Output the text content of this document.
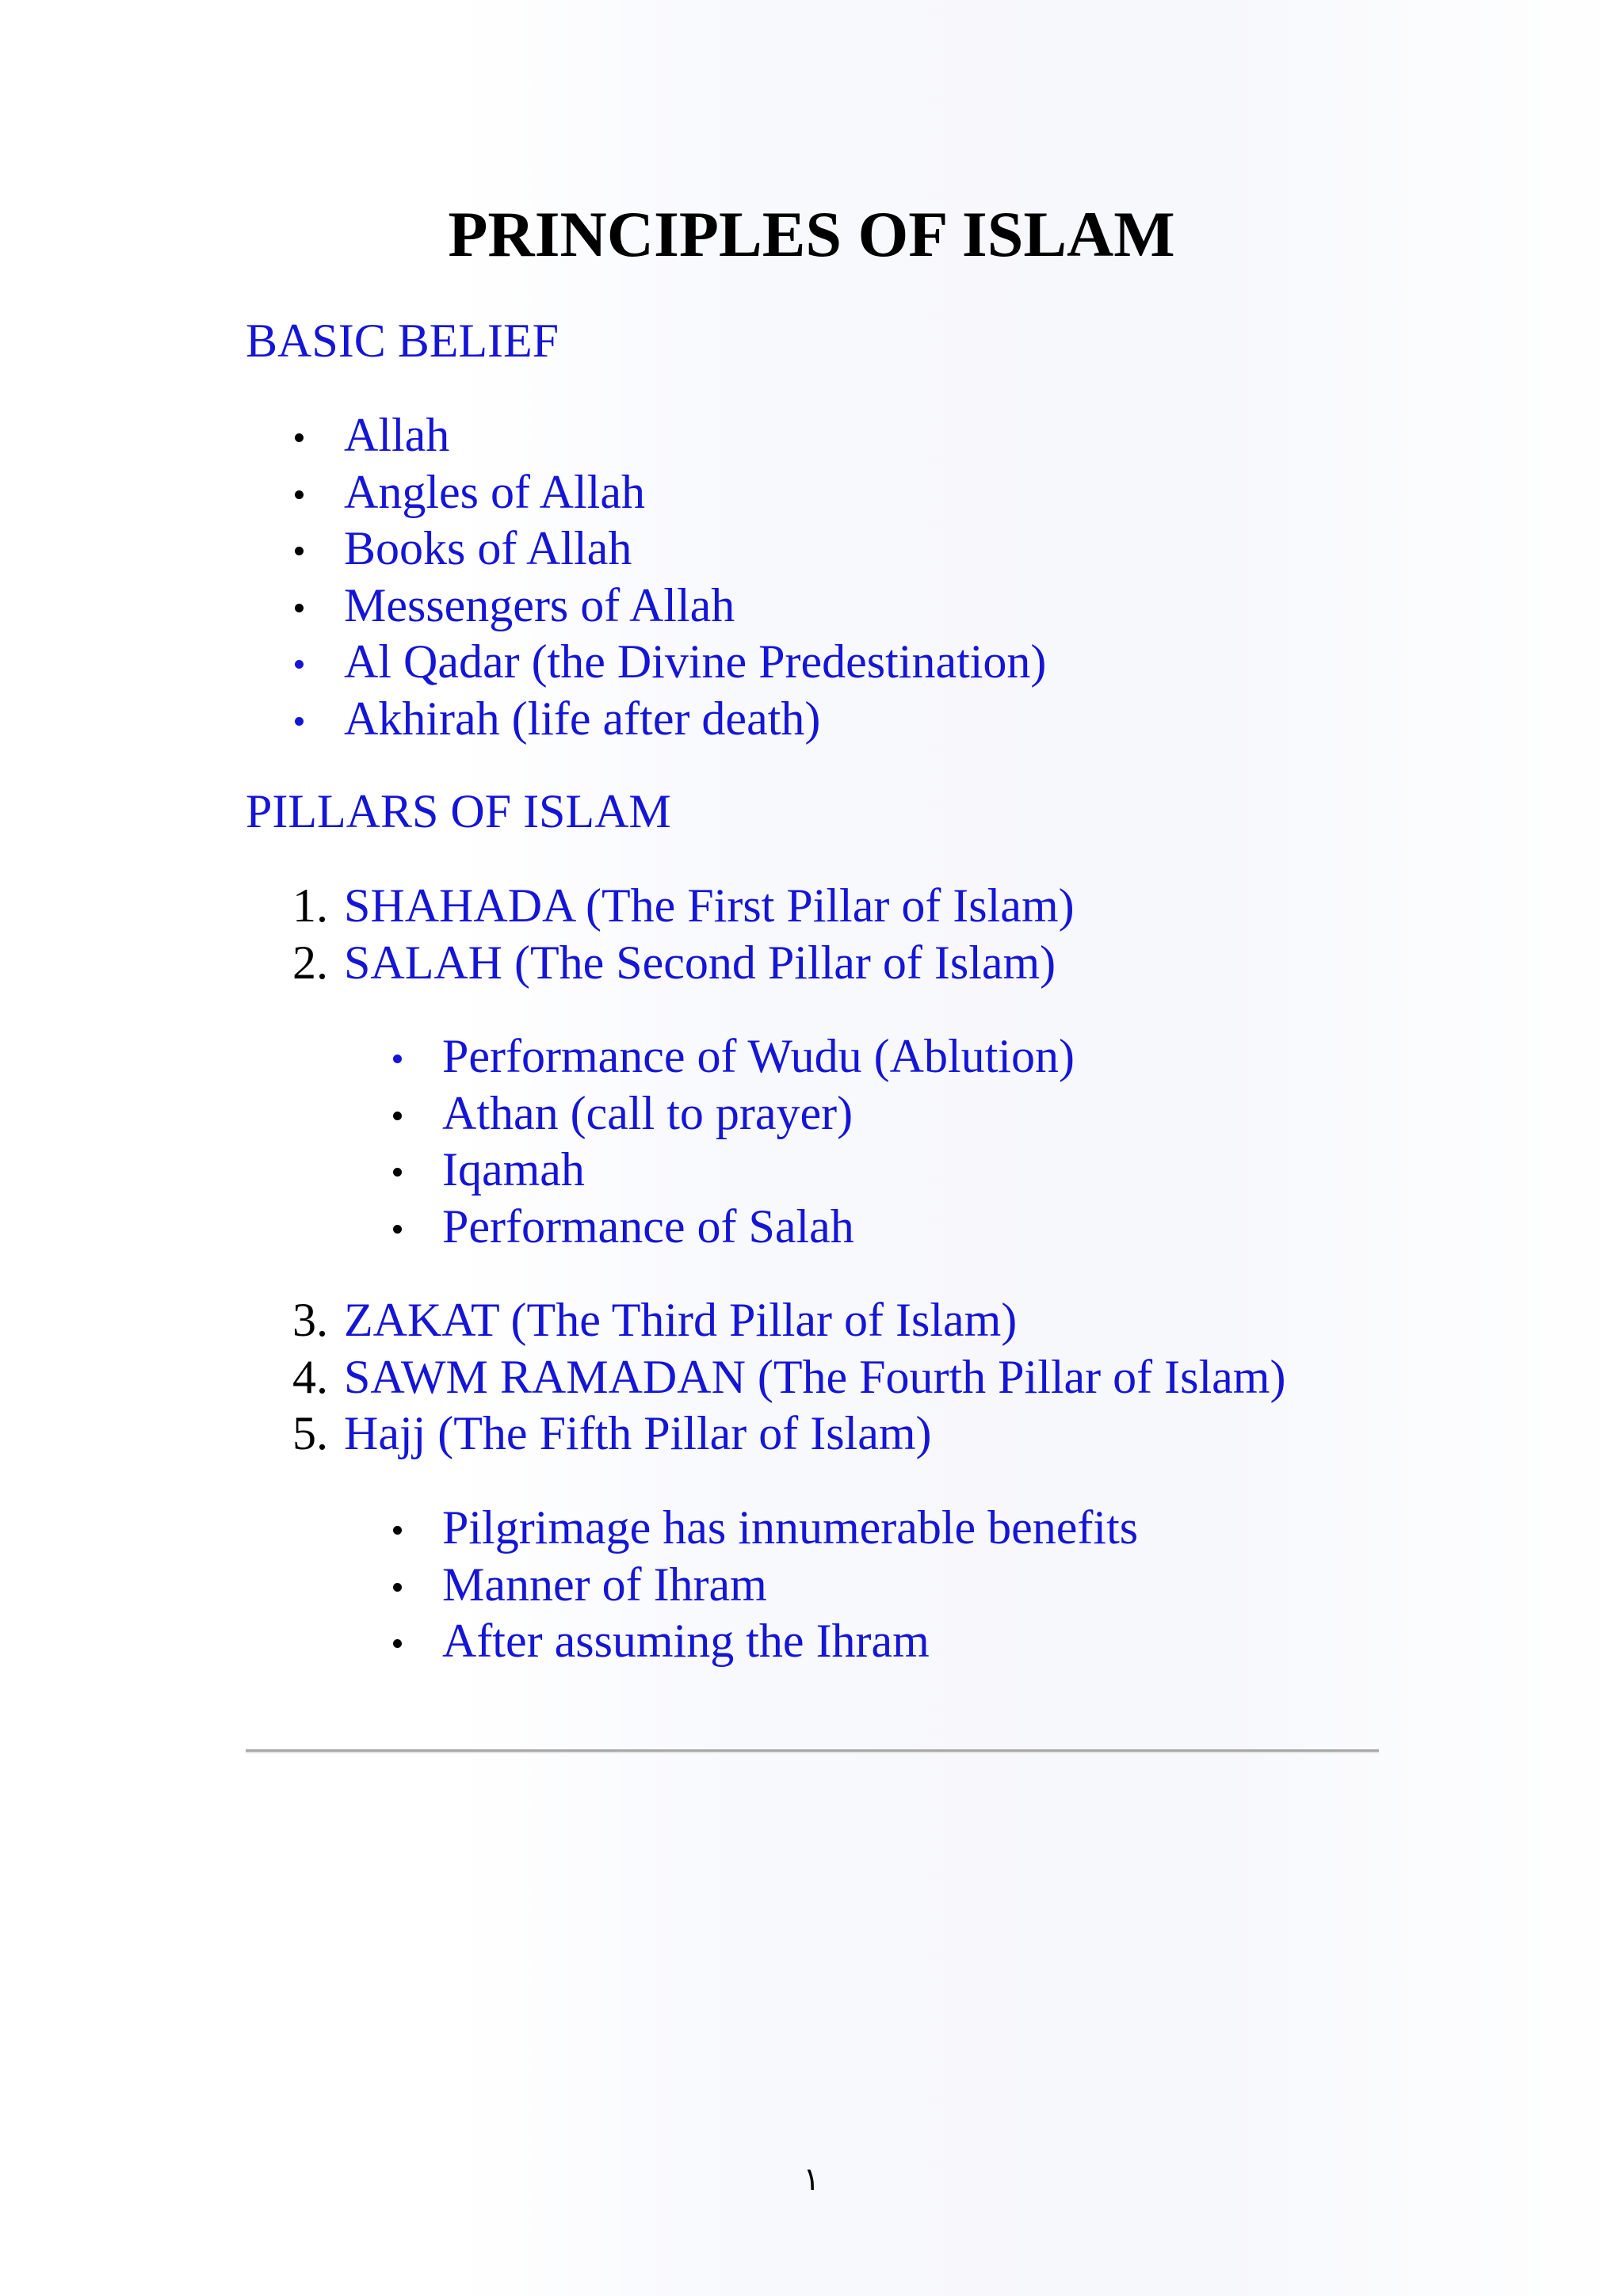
PRINCIPLES OF ISLAM
BASIC BELIEF
Allah
Angles of Allah
Books of Allah
Messengers of Allah
Al Qadar (the Divine Predestination)
Akhirah (life after death)
PILLARS OF ISLAM
1. SHAHADA (The First Pillar of Islam)
2. SALAH (The Second Pillar of Islam)
Performance of Wudu (Ablution)
Athan (call to prayer)
Iqamah
Performance of Salah
3. ZAKAT (The Third Pillar of Islam)
4. SAWM RAMADAN (The Fourth Pillar of Islam)
5. Hajj (The Fifth Pillar of Islam)
Pilgrimage has innumerable benefits
Manner of Ihram
After assuming the Ihram
١
